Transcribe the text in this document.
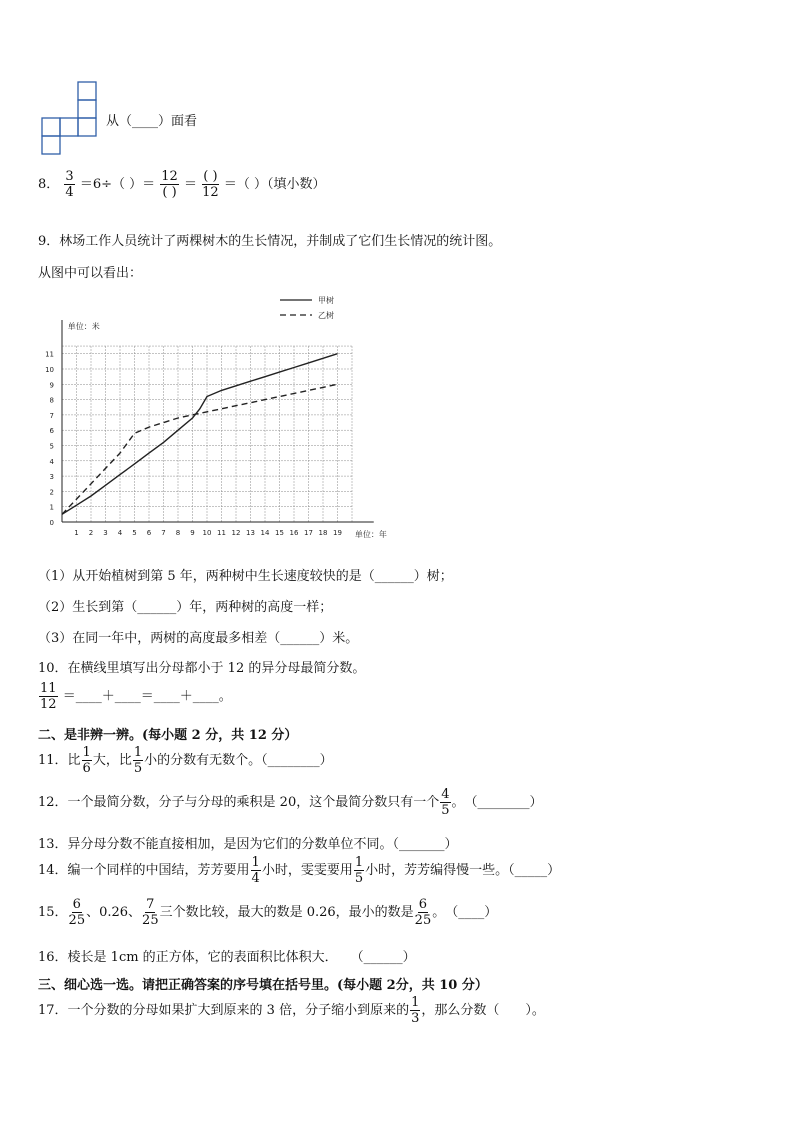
从（____）面看
8． $\frac{3}{4} =6\div$（ ）＝ $\frac{12}{( )} = \frac{( )}{12}$ ＝（ ）（填小数）
9．林场工作人员统计了两棵树木的生长情况，并制成了它们生长情况的统计图。
从图中可以看出：
0
1
2
3
4
5
6
7
8
9
10
11
1 2 3 4 5 6 7 8 9 10 11 12 13 14 15 16 17 18 19
单位：米
单位：年
甲树
乙树
（1）从开始植树到第 5 年，两种树中生长速度较快的是（______）树；
（2）生长到第（______）年，两种树的高度一样；
（3）在同一年中，两树的高度最多相差（______）米。
10．在横线里填写出分母都小于 12 的异分母最简分数。
$\frac{11}{12}$ ＝____＋____＝____＋____。
二、是非辨一辨。(每小题 2 分，共 12 分）
11．比 $\frac{1}{6}$ 大，比 $\frac{1}{5}$ 小的分数有无数个。（________）
12．一个最简分数，分子与分母的乘积是 20，这个最简分数只有一个 $\frac{4}{5}$ 。　（________）
13．异分母分数不能直接相加，是因为它们的分数单位不同。（_______）
14．编一个同样的中国结，芳芳要用 $\frac{1}{4}$ 小时，雯雯要用 $\frac{1}{5}$ 小时，芳芳编得慢一些。（_____）
15． $\frac{6}{25}$ 、0.26、 $\frac{7}{25}$ 三个数比较，最大的数是 0.26，最小的数是 $\frac{6}{25}$ 。　（____）
16．棱长是 1cm 的正方体，它的表面积比体积大．　　（______）
三、细心选一选。请把正确答案的序号填在括号里。(每小题 2分，共 10 分）
17．一个分数的分母如果扩大到原来的 3 倍，分子缩小到原来的 $\frac{1}{3}$ ，那么分数（　　）。
